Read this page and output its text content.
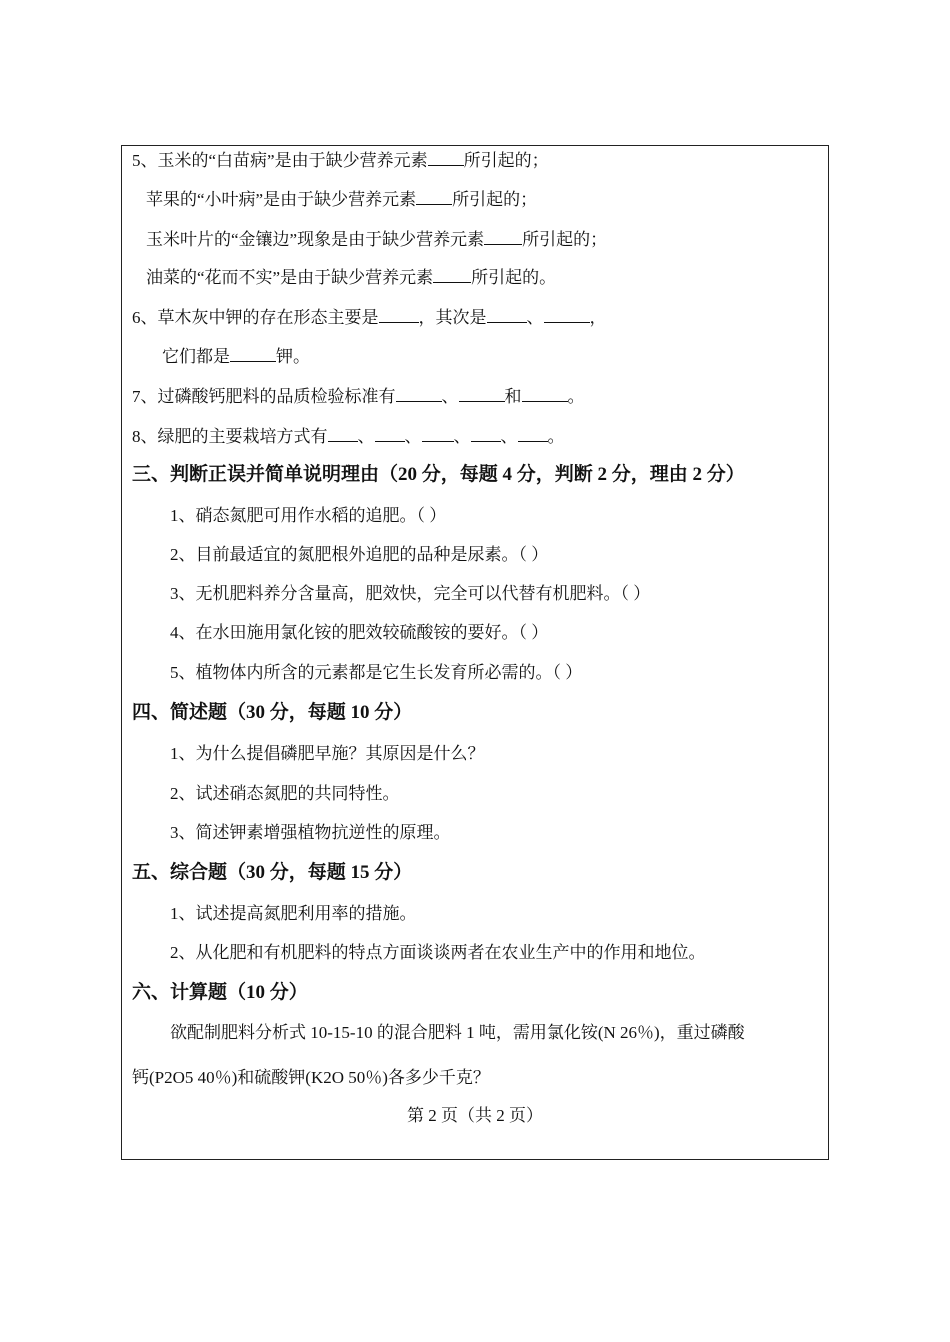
5、玉米的“白苗病”是由于缺少营养元素 所引起的；
苹果的“小叶病”是由于缺少营养元素 所引起的；
玉米叶片的“金镶边”现象是由于缺少营养元素 所引起的；
油菜的“花而不实”是由于缺少营养元素 所引起的。
6、草木灰中钾的存在形态主要是 ，其次是 、	，
它们都是	钾。
7、过磷酸钙肥料的品质检验标准有	、	和	。
8、绿肥的主要栽培方式有 、 、 、 、 。
三、判断正误并简单说明理由（20 分，每题 4 分，判断 2 分，理由 2 分）
1、硝态氮肥可用作水稻的追肥。（ ）
2、目前最适宜的氮肥根外追肥的品种是尿素。（ ）
3、无机肥料养分含量高，肥效快，完全可以代替有机肥料。（ ）
4、在水田施用氯化铵的肥效较硫酸铵的要好。（ ）
5、植物体内所含的元素都是它生长发育所必需的。（ ）
四、简述题（30 分，每题 10 分）
1、为什么提倡磷肥早施？其原因是什么？
2、试述硝态氮肥的共同特性。
3、简述钾素增强植物抗逆性的原理。
五、综合题（30 分，每题 15 分）
1、试述提高氮肥利用率的措施。
2、从化肥和有机肥料的特点方面谈谈两者在农业生产中的作用和地位。
六、计算题（10 分）
欲配制肥料分析式 10-15-10 的混合肥料 1 吨，需用氯化铵(N 26％)，重过磷酸
钙(P2O5 40％)和硫酸钾(K2O 50％)各多少千克？
第 2 页（共 2 页）
